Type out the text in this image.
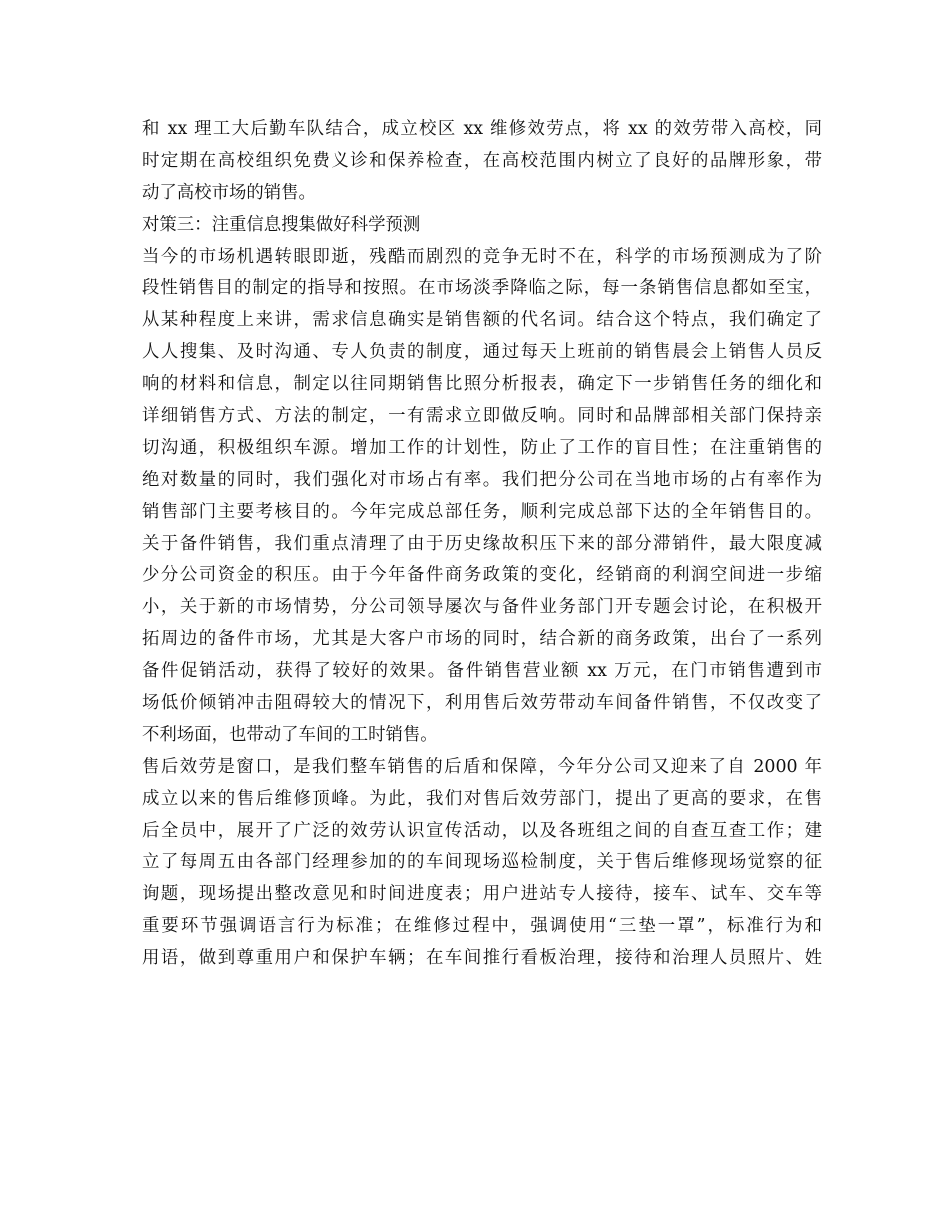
和 xx 理工大后勤车队结合，成立校区 xx 维修效劳点，将 xx 的效劳带入高校，同
时定期在高校组织免费义诊和保养检查，在高校范围内树立了良好的品牌形象，带
动了高校市场的销售。
对策三：注重信息搜集做好科学预测
当今的市场机遇转眼即逝，残酷而剧烈的竞争无时不在，科学的市场预测成为了阶
段性销售目的制定的指导和按照。在市场淡季降临之际，每一条销售信息都如至宝，
从某种程度上来讲，需求信息确实是销售额的代名词。结合这个特点，我们确定了
人人搜集、及时沟通、专人负责的制度，通过每天上班前的销售晨会上销售人员反
响的材料和信息，制定以往同期销售比照分析报表，确定下一步销售任务的细化和
详细销售方式、方法的制定，一有需求立即做反响。同时和品牌部相关部门保持亲
切沟通，积极组织车源。增加工作的计划性，防止了工作的盲目性；在注重销售的
绝对数量的同时，我们强化对市场占有率。我们把分公司在当地市场的占有率作为
销售部门主要考核目的。今年完成总部任务，顺利完成总部下达的全年销售目的。
关于备件销售，我们重点清理了由于历史缘故积压下来的部分滞销件，最大限度减
少分公司资金的积压。由于今年备件商务政策的变化，经销商的利润空间进一步缩
小，关于新的市场情势，分公司领导屡次与备件业务部门开专题会讨论，在积极开
拓周边的备件市场，尤其是大客户市场的同时，结合新的商务政策，出台了一系列
备件促销活动，获得了较好的效果。备件销售营业额 xx 万元，在门市销售遭到市
场低价倾销冲击阻碍较大的情况下，利用售后效劳带动车间备件销售，不仅改变了
不利场面，也带动了车间的工时销售。
售后效劳是窗口，是我们整车销售的后盾和保障，今年分公司又迎来了自 2000 年
成立以来的售后维修顶峰。为此，我们对售后效劳部门，提出了更高的要求，在售
后全员中，展开了广泛的效劳认识宣传活动，以及各班组之间的自查互查工作；建
立了每周五由各部门经理参加的的车间现场巡检制度，关于售后维修现场觉察的征
询题，现场提出整改意见和时间进度表；用户进站专人接待，接车、试车、交车等
重要环节强调语言行为标准；在维修过程中，强调使用“三垫一罩”，标准行为和
用语，做到尊重用户和保护车辆；在车间推行看板治理，接待和治理人员照片、姓
